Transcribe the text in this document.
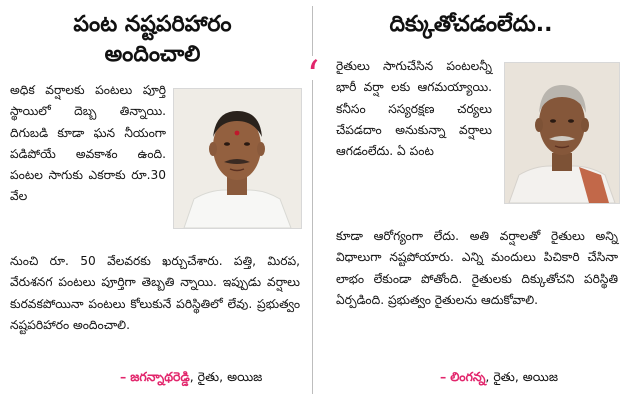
పంట నష్టపరిహారం
అందించాలి

అధిక వర్షాలకు పంటలు పూర్తి స్థాయిలో దెబ్బ తిన్నాయి. దిగుబడి కూడా ఘన నీయంగా పడిపోయే అవకాశం ఉంది. పంటల సాగుకు ఎకరాకు రూ.30 వేల

నుంచి రూ. 50 వేలవరకు ఖర్చుచేశారు. పత్తి, మిరప, వేరుశనగ పంటలు పూర్తిగా తెబ్బతి న్నాయి. ఇప్పుడు వర్షాలు కురవకపోయినా పంటలు కోలుకునే పరిస్థితిలో లేవు. ప్రభుత్వం నష్టపరిహారం అందించాలి.

– జగన్నాథరెడ్డి, రైతు, అయిజ
‘
దిక్కుతోచడంలేదు..

రైతులు సాగుచేసిన పంటలన్నీ భారీ వర్షా లకు ఆగమయ్యాయి. కనీసం సస్యరక్షణ చర్యలు చేపడదాం అనుకున్నా వర్షాలు ఆగడంలేదు. ఏ పంట

కూడా ఆరోగ్యంగా లేదు. అతి వర్షాలతో రైతులు అన్ని విధాలుగా నష్టపోయారు. ఎన్ని మందులు పిచికారి చేసినా లాభం లేకుండా పోతోంది. రైతులకు దిక్కుతోచని పరిస్థితి ఏర్పడింది. ప్రభుత్వం రైతులను ఆదుకోవాలి.

– లింగన్న, రైతు, అయిజ
